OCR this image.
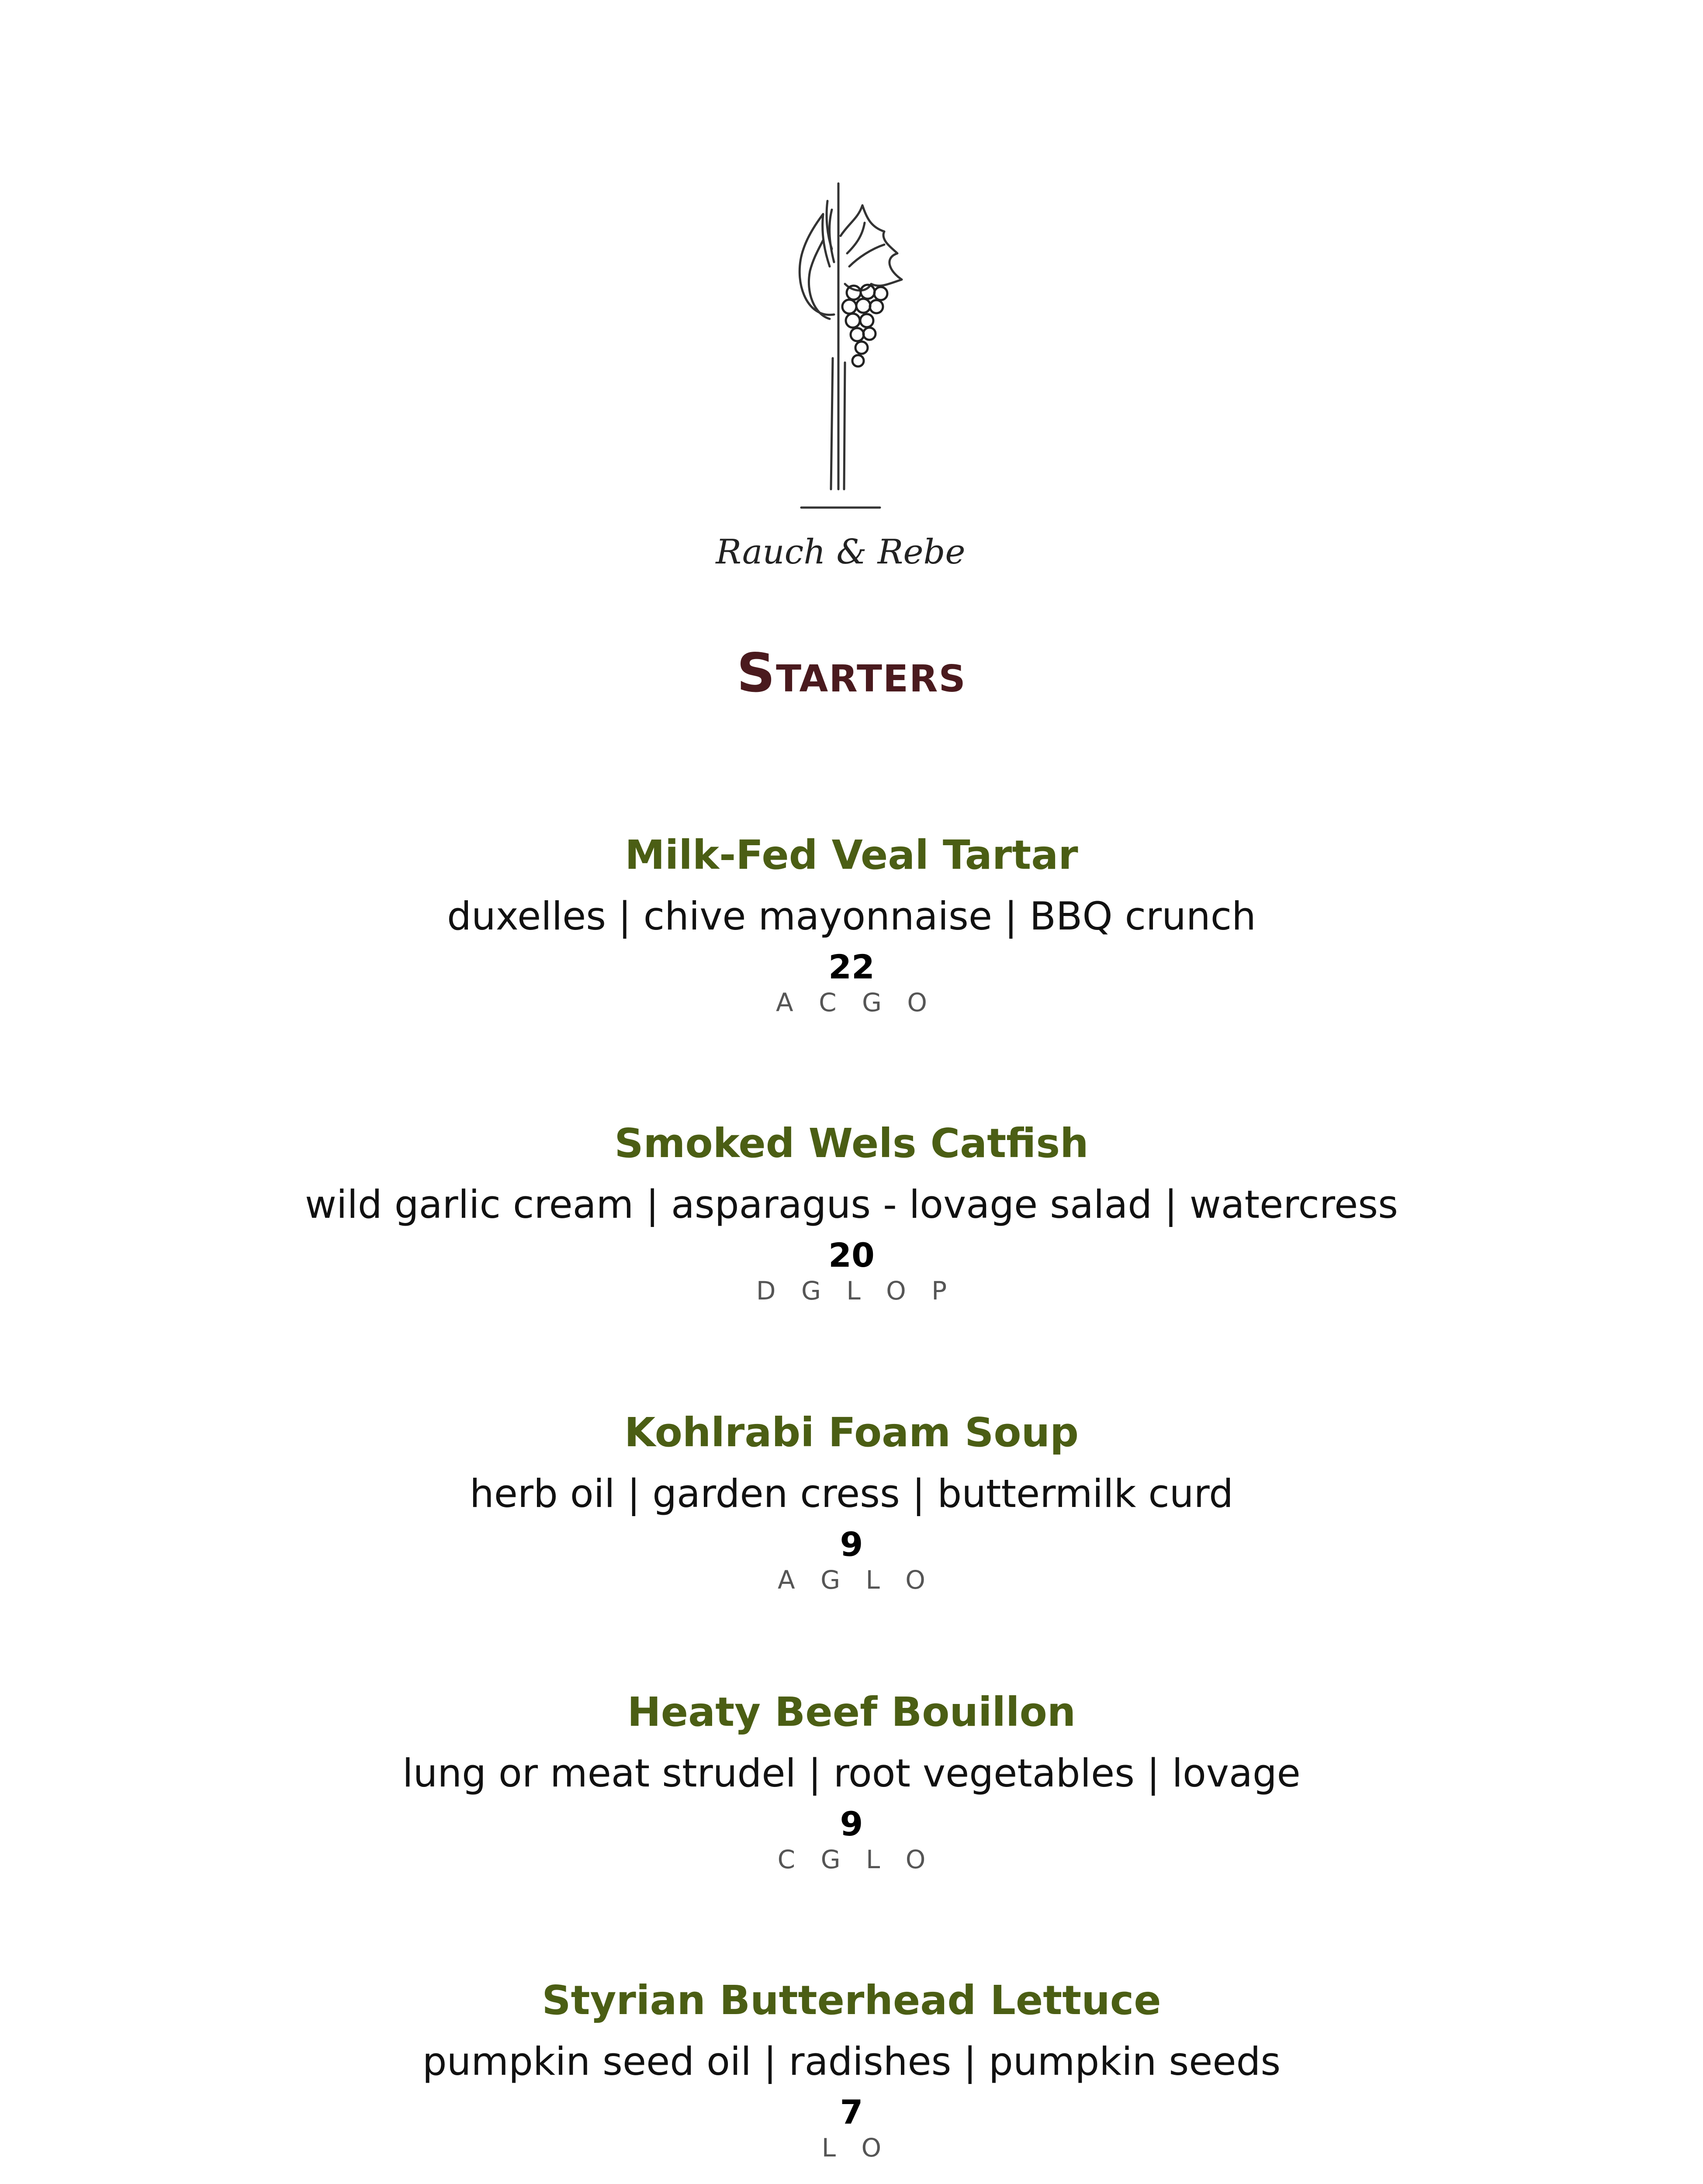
Rauch & Rebe
Starters
Milk-Fed Veal Tartar
duxelles | chive mayonnaise | BBQ crunch
22
A C G O
Smoked Wels Catfish
wild garlic cream | asparagus - lovage salad | watercress
20
D G L O P
Kohlrabi Foam Soup
herb oil | garden cress | buttermilk curd
9
A G L O
Heaty Beef Bouillon
lung or meat strudel | root vegetables | lovage
9
C G L O
Styrian Butterhead Lettuce
pumpkin seed oil | radishes | pumpkin seeds
7
L O
